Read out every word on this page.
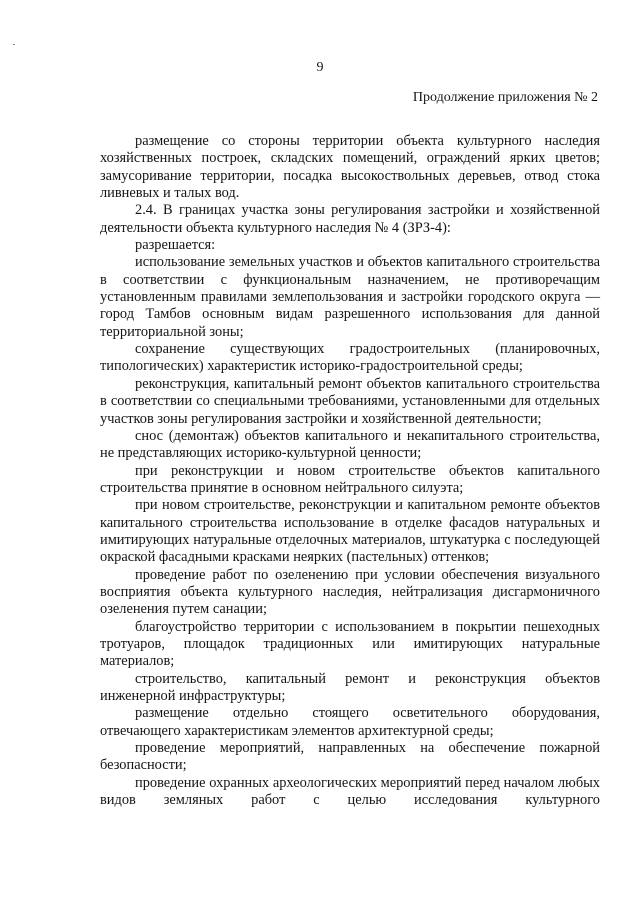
9
Продолжение приложения № 2

размещение со стороны территории объекта культурного наследия хозяйственных построек, складских помещений, ограждений ярких цветов; замусоривание территории, посадка высокоствольных деревьев, отвод стока ливневых и талых вод.

2.4. В границах участка зоны регулирования застройки и хозяйственной деятельности объекта культурного наследия № 4 (ЗРЗ-4):

разрешается:

использование земельных участков и объектов капитального строительства в соответствии с функциональным назначением, не противоречащим установленным правилами землепользования и застройки городского округа — город Тамбов основным видам разрешенного использования для данной территориальной зоны;

сохранение существующих градостроительных (планировочных, типологических) характеристик историко-градостроительной среды;

реконструкция, капитальный ремонт объектов капитального строительства в соответствии со специальными требованиями, установленными для отдельных участков зоны регулирования застройки и хозяйственной деятельности;

снос (демонтаж) объектов капитального и некапитального строительства, не представляющих историко-культурной ценности;

при реконструкции и новом строительстве объектов капитального строительства принятие в основном нейтрального силуэта;

при новом строительстве, реконструкции и капитальном ремонте объектов капитального строительства использование в отделке фасадов натуральных и имитирующих натуральные отделочных материалов, штукатурка с последующей окраской фасадными красками неярких (пастельных) оттенков;

проведение работ по озеленению при условии обеспечения визуального восприятия объекта культурного наследия, нейтрализация дисгармоничного озеленения путем санации;

благоустройство территории с использованием в покрытии пешеходных тротуаров, площадок традиционных или имитирующих натуральные материалов;

строительство, капитальный ремонт и реконструкция объектов инженерной инфраструктуры;

размещение отдельно стоящего осветительного оборудования, отвечающего характеристикам элементов архитектурной среды;

проведение мероприятий, направленных на обеспечение пожарной безопасности;

проведение охранных археологических мероприятий перед началом любых видов земляных работ с целью исследования культурного
